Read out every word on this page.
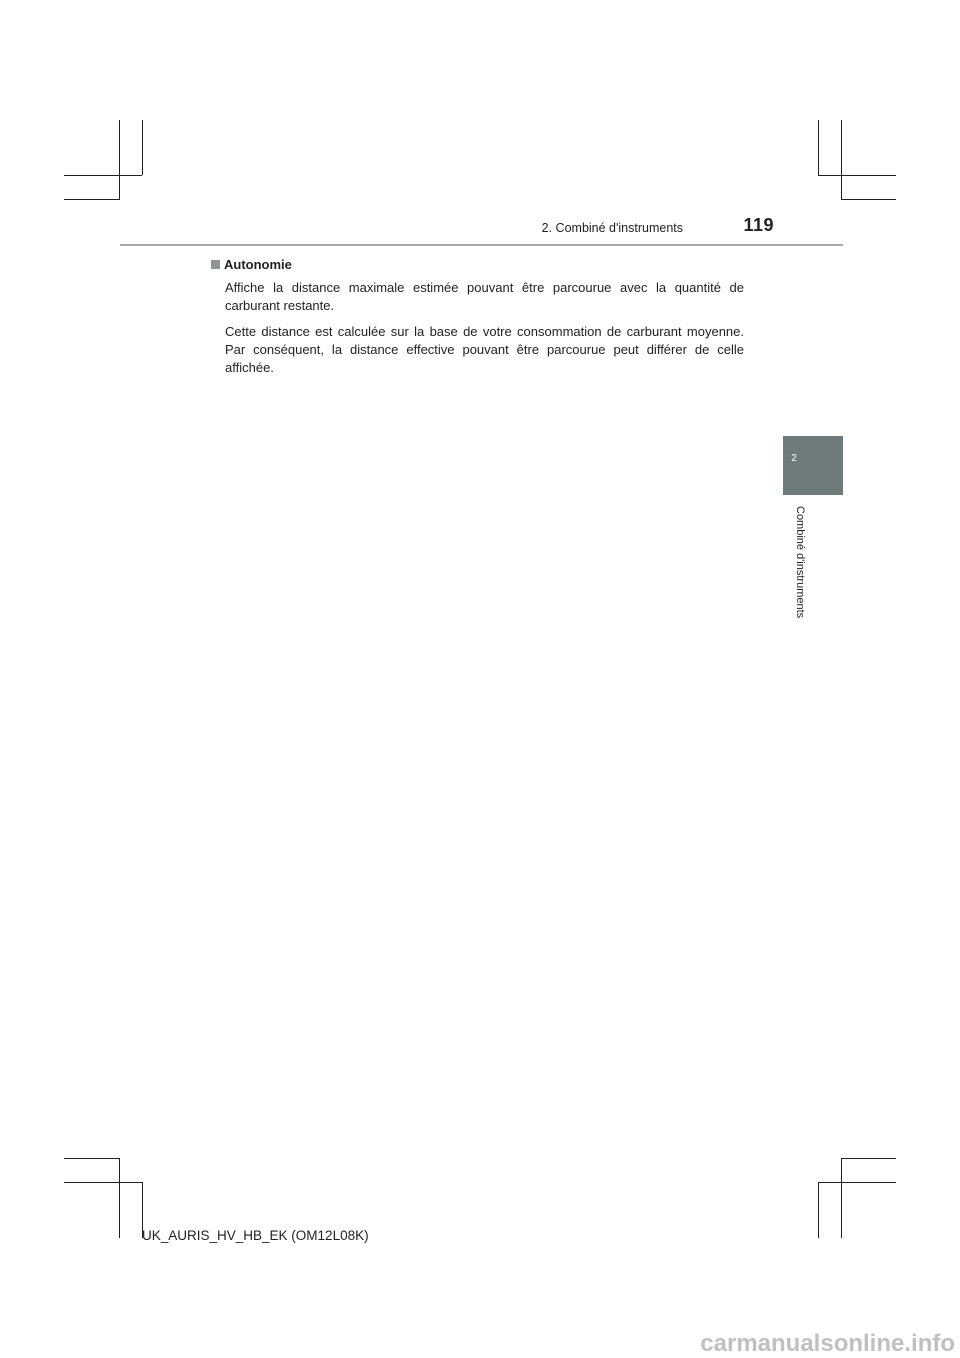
2. Combiné d'instruments	119
2
Combiné d'instruments
Autonomie

Affiche la distance maximale estimée pouvant être parcourue avec la quantité de carburant restante.

Cette distance est calculée sur la base de votre consommation de carburant moyenne. Par conséquent, la distance effective pouvant être parcourue peut différer de celle affichée.

UK_AURIS_HV_HB_EK (OM12L08K)
carmanualsonline.info
